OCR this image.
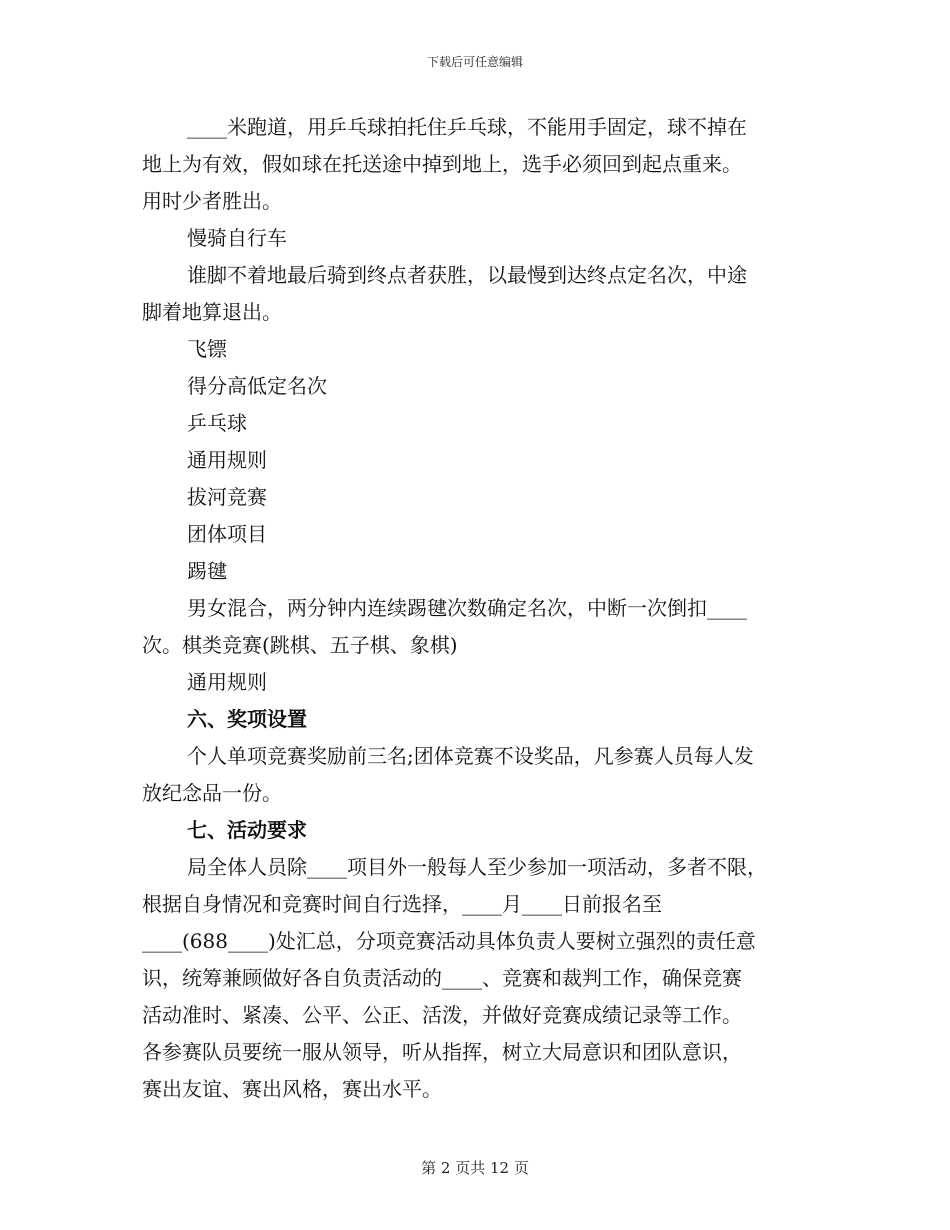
下载后可任意编辑

____米跑道，用乒乓球拍托住乒乓球，不能用手固定，球不掉在

地上为有效，假如球在托送途中掉到地上，选手必须回到起点重来。

用时少者胜出。

慢骑自行车

谁脚不着地最后骑到终点者获胜，以最慢到达终点定名次，中途

脚着地算退出。

飞镖

得分高低定名次

乒乓球

通用规则

拔河竞赛

团体项目

踢毽

男女混合，两分钟内连续踢毽次数确定名次，中断一次倒扣____

次。棋类竞赛(跳棋、五子棋、象棋)

通用规则

六、奖项设置

个人单项竞赛奖励前三名;团体竞赛不设奖品，凡参赛人员每人发

放纪念品一份。

七、活动要求

局全体人员除____项目外一般每人至少参加一项活动，多者不限，

根据自身情况和竞赛时间自行选择，____月____日前报名至

____(688____)处汇总，分项竞赛活动具体负责人要树立强烈的责任意

识，统筹兼顾做好各自负责活动的____、竞赛和裁判工作，确保竞赛

活动准时、紧凑、公平、公正、活泼，并做好竞赛成绩记录等工作。

各参赛队员要统一服从领导，听从指挥，树立大局意识和团队意识，

赛出友谊、赛出风格，赛出水平。

第 2 页共 12 页
